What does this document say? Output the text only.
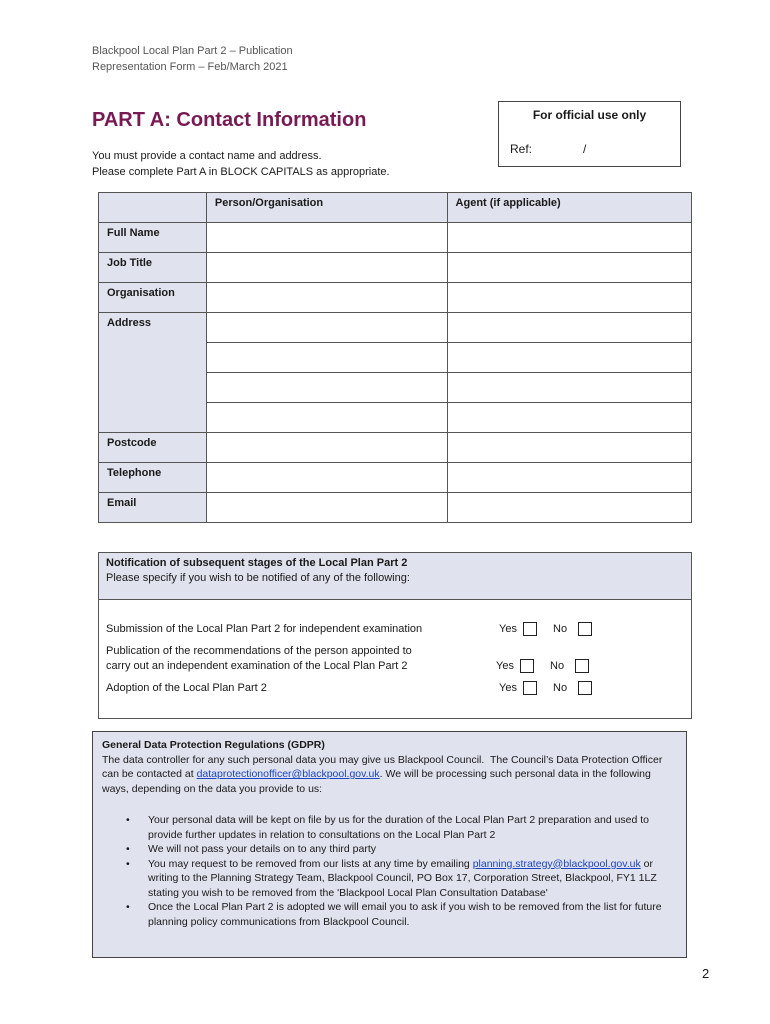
Blackpool Local Plan Part 2 – Publication
Representation Form – Feb/March 2021
PART A: Contact Information	For official use only
Ref:	/
You must provide a contact name and address.
Please complete Part A in BLOCK CAPITALS as appropriate.
	Person/Organisation	Agent (if applicable)
Full Name		
Job Title		
Organisation		
Address		

Postcode		
Telephone		
Email		
Notification of subsequent stages of the Local Plan Part 2
Please specify if you wish to be notified of any of the following:
Submission of the Local Plan Part 2 for independent examination	Yes	No
Publication of the recommendations of the person appointed to
carry out an independent examination of the Local Plan Part 2	Yes	No
Adoption of the Local Plan Part 2	Yes	No
General Data Protection Regulations (GDPR)
The data controller for any such personal data you may give us Blackpool Council. The Council’s Data Protection Officer can be contacted at dataprotectionofficer@blackpool.gov.uk. We will be processing such personal data in the following ways, depending on the data you provide to us:
• Your personal data will be kept on file by us for the duration of the Local Plan Part 2 preparation and used to provide further updates in relation to consultations on the Local Plan Part 2
• We will not pass your details on to any third party
• You may request to be removed from our lists at any time by emailing planning.strategy@blackpool.gov.uk or writing to the Planning Strategy Team, Blackpool Council, PO Box 17, Corporation Street, Blackpool, FY1 1LZ stating you wish to be removed from the 'Blackpool Local Plan Consultation Database'
• Once the Local Plan Part 2 is adopted we will email you to ask if you wish to be removed from the list for future planning policy communications from Blackpool Council.
2
